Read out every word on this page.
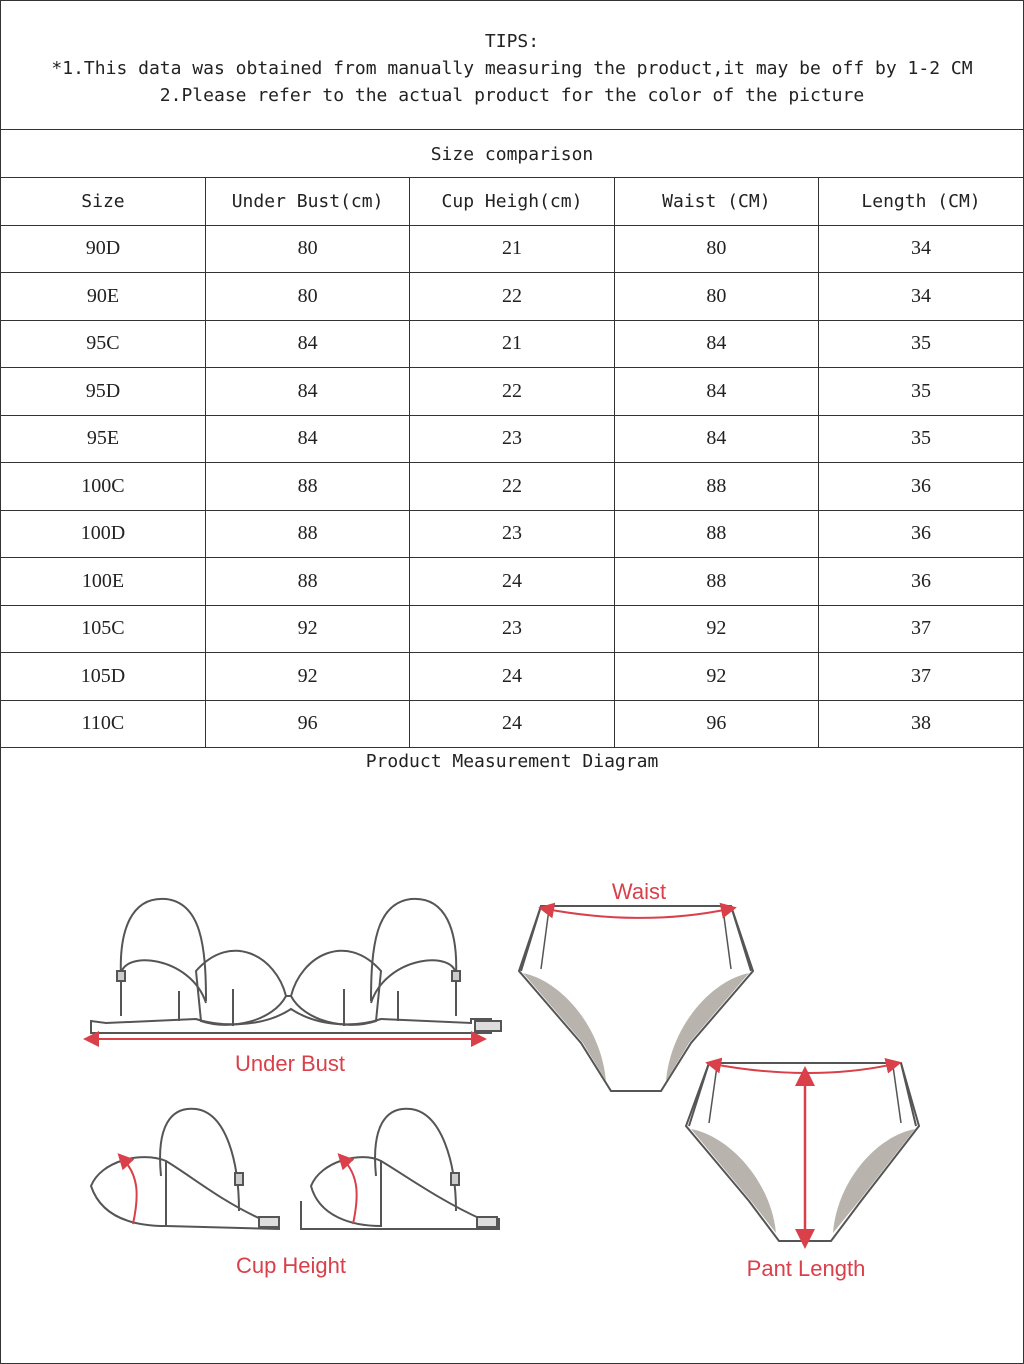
TIPS:
*1.This data was obtained from manually measuring the product,it may be off by 1-2 CM
2.Please refer to the actual product for the color of the picture
Size comparison
Size	Under Bust(cm)	Cup Heigh(cm)	Waist (CM)	Length (CM)
90D	80	21	80	34
90E	80	22	80	34
95C	84	21	84	35
95D	84	22	84	35
95E	84	23	84	35
100C	88	22	88	36
100D	88	23	88	36
100E	88	24	88	36
105C	92	23	92	37
105D	92	24	92	37
110C	96	24	96	38
Product Measurement Diagram
Under Bust
Cup Height
Waist
Pant Length
